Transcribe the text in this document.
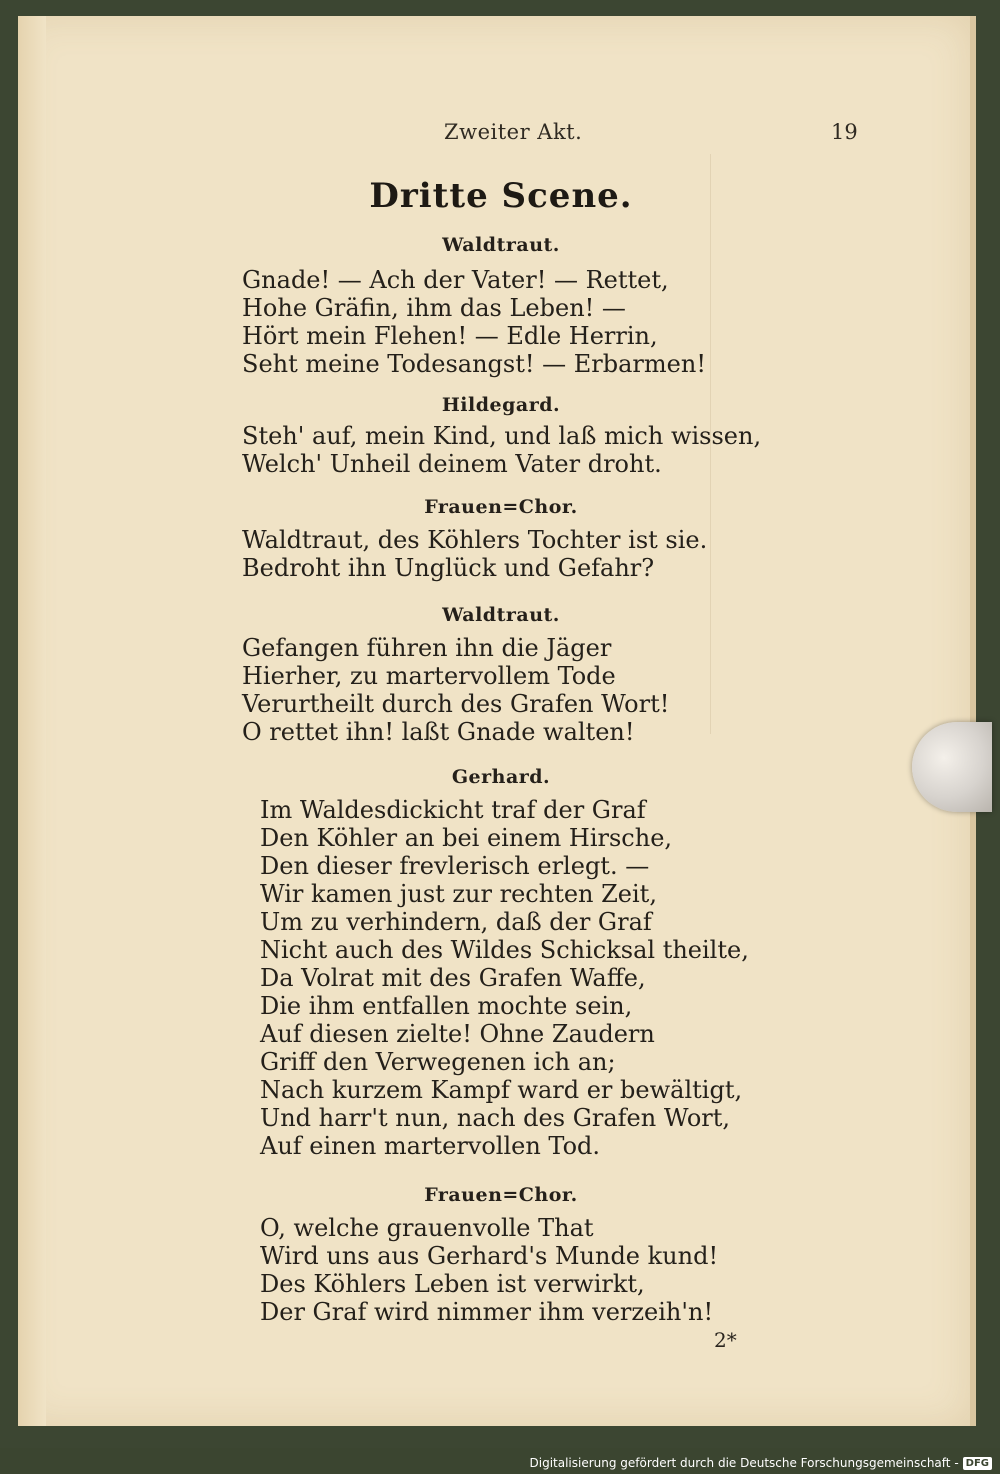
Zweiter Akt.	19
Dritte Scene.
Waldtraut.
Gnade! — Ach der Vater! — Rettet,
Hohe Gräfin, ihm das Leben! —
Hört mein Flehen! — Edle Herrin,
Seht meine Todesangst! — Erbarmen!
Hildegard.
Steh' auf, mein Kind, und laß mich wissen,
Welch' Unheil deinem Vater droht.
Frauen=Chor.
Waldtraut, des Köhlers Tochter ist sie.
Bedroht ihn Unglück und Gefahr?
Waldtraut.
Gefangen führen ihn die Jäger
Hierher, zu martervollem Tode
Verurtheilt durch des Grafen Wort!
O rettet ihn! laßt Gnade walten!
Gerhard.
Im Waldesdickicht traf der Graf
Den Köhler an bei einem Hirsche,
Den dieser frevlerisch erlegt. —
Wir kamen just zur rechten Zeit,
Um zu verhindern, daß der Graf
Nicht auch des Wildes Schicksal theilte,
Da Volrat mit des Grafen Waffe,
Die ihm entfallen mochte sein,
Auf diesen zielte! Ohne Zaudern
Griff den Verwegenen ich an;
Nach kurzem Kampf ward er bewältigt,
Und harr't nun, nach des Grafen Wort,
Auf einen martervollen Tod.
Frauen=Chor.
O, welche grauenvolle That
Wird uns aus Gerhard's Munde kund!
Des Köhlers Leben ist verwirkt,
Der Graf wird nimmer ihm verzeih'n!
2*
Digitalisierung gefördert durch die Deutsche Forschungsgemeinschaft - DFG
